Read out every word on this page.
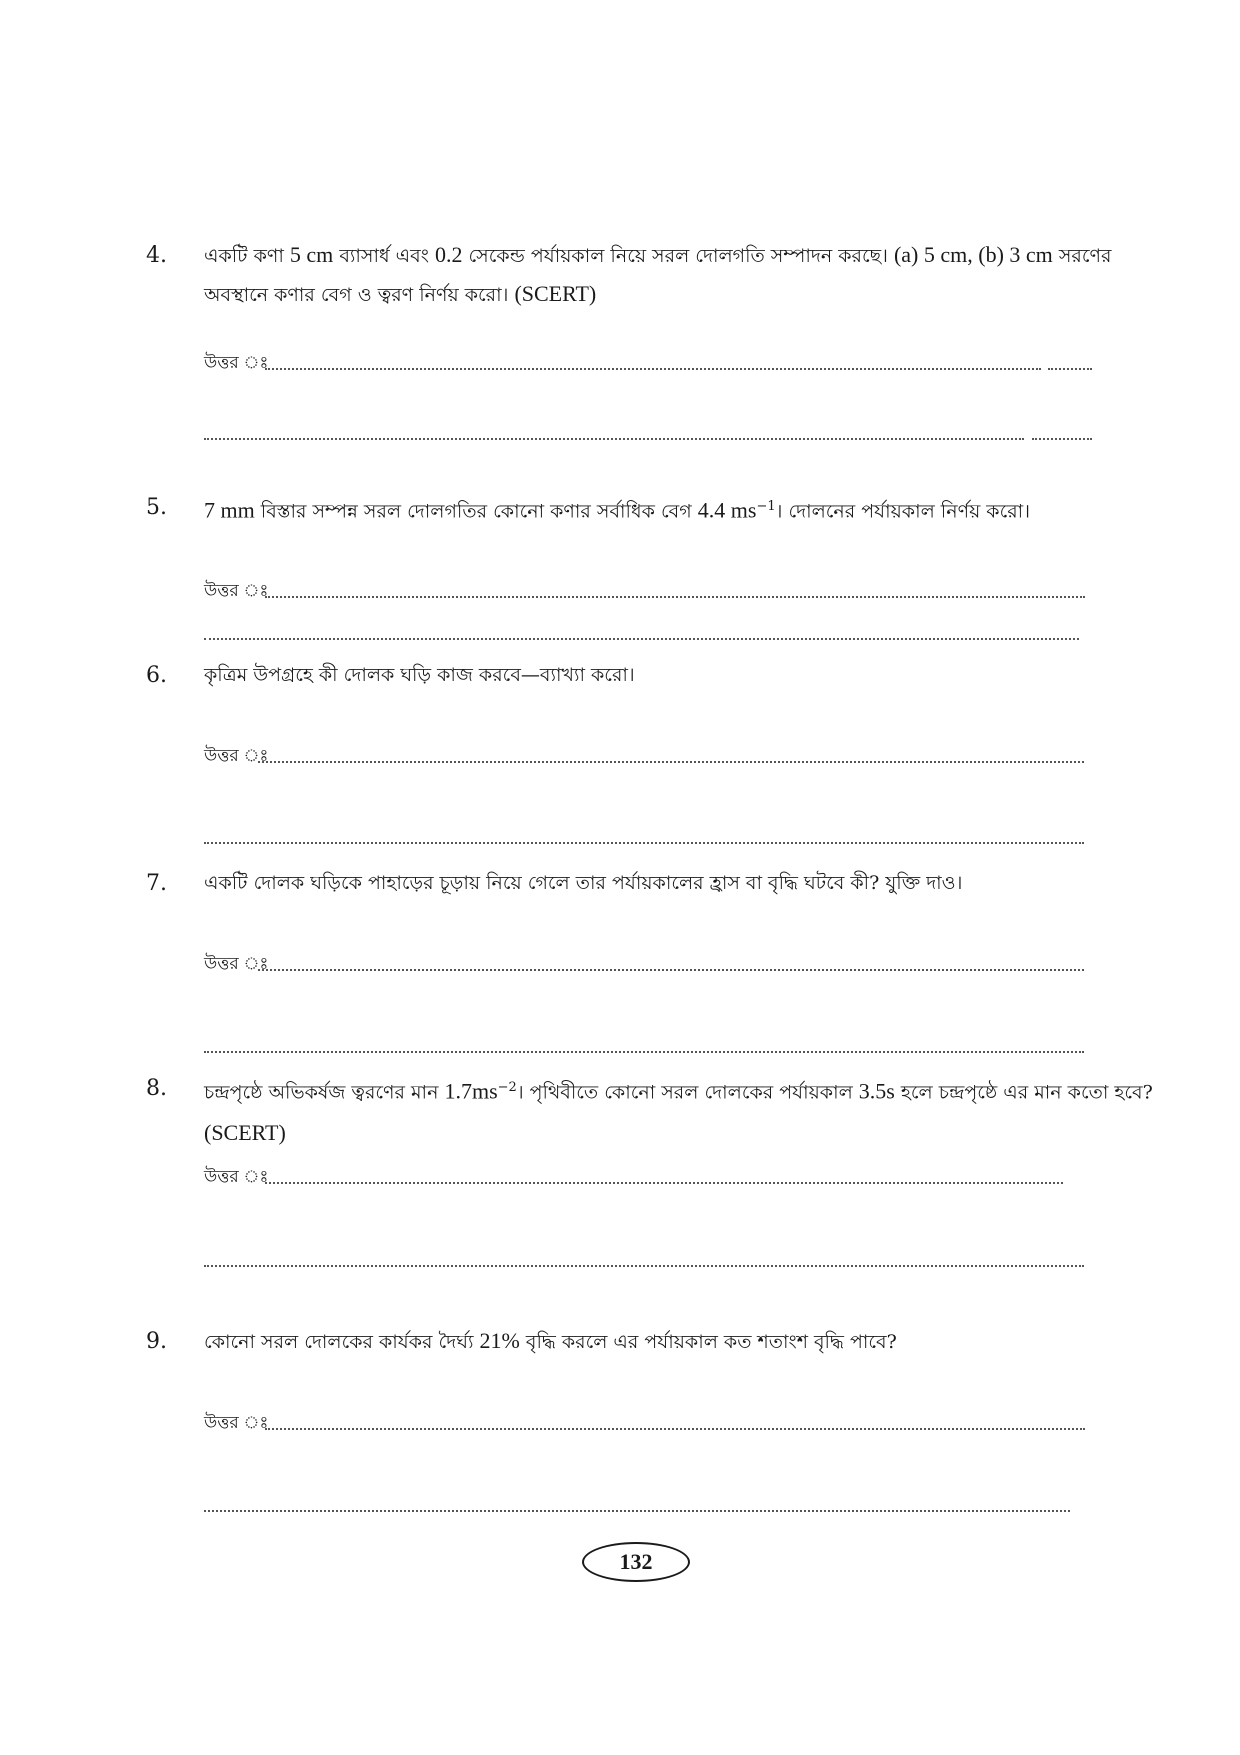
4. একটি কণা 5 cm ব্যাসার্ধ এবং 0.2 সেকেন্ড পর্যায়কাল নিয়ে সরল দোলগতি সম্পাদন করছে। (a) 5 cm, (b) 3 cm সরণের
অবস্থানে কণার বেগ ও ত্বরণ নির্ণয় করো। (SCERT)
উত্তর ঃ
5. 7 mm বিস্তার সম্পন্ন সরল দোলগতির কোনো কণার সর্বাধিক বেগ 4.4 $ms^{-1}।$ দোলনের পর্যায়কাল নির্ণয় করো।
উত্তর ঃ
6. কৃত্রিম উপগ্রহে কী দোলক ঘড়ি কাজ করবে—ব্যাখ্যা করো।
উত্তর ঃ
7. একটি দোলক ঘড়িকে পাহাড়ের চূড়ায় নিয়ে গেলে তার পর্যায়কালের হ্রাস বা বৃদ্ধি ঘটবে কী? যুক্তি দাও।
উত্তর ঃ
8. চন্দ্রপৃষ্ঠে অভিকর্ষজ ত্বরণের মান $1.7ms^{-2}।$ পৃথিবীতে কোনো সরল দোলকের পর্যায়কাল 3.5s হলে চন্দ্রপৃষ্ঠে এর মান কতো হবে?
(SCERT)
উত্তর ঃ
9. কোনো সরল দোলকের কার্যকর দৈর্ঘ্য 21% বৃদ্ধি করলে এর পর্যায়কাল কত শতাংশ বৃদ্ধি পাবে?
উত্তর ঃ
132
